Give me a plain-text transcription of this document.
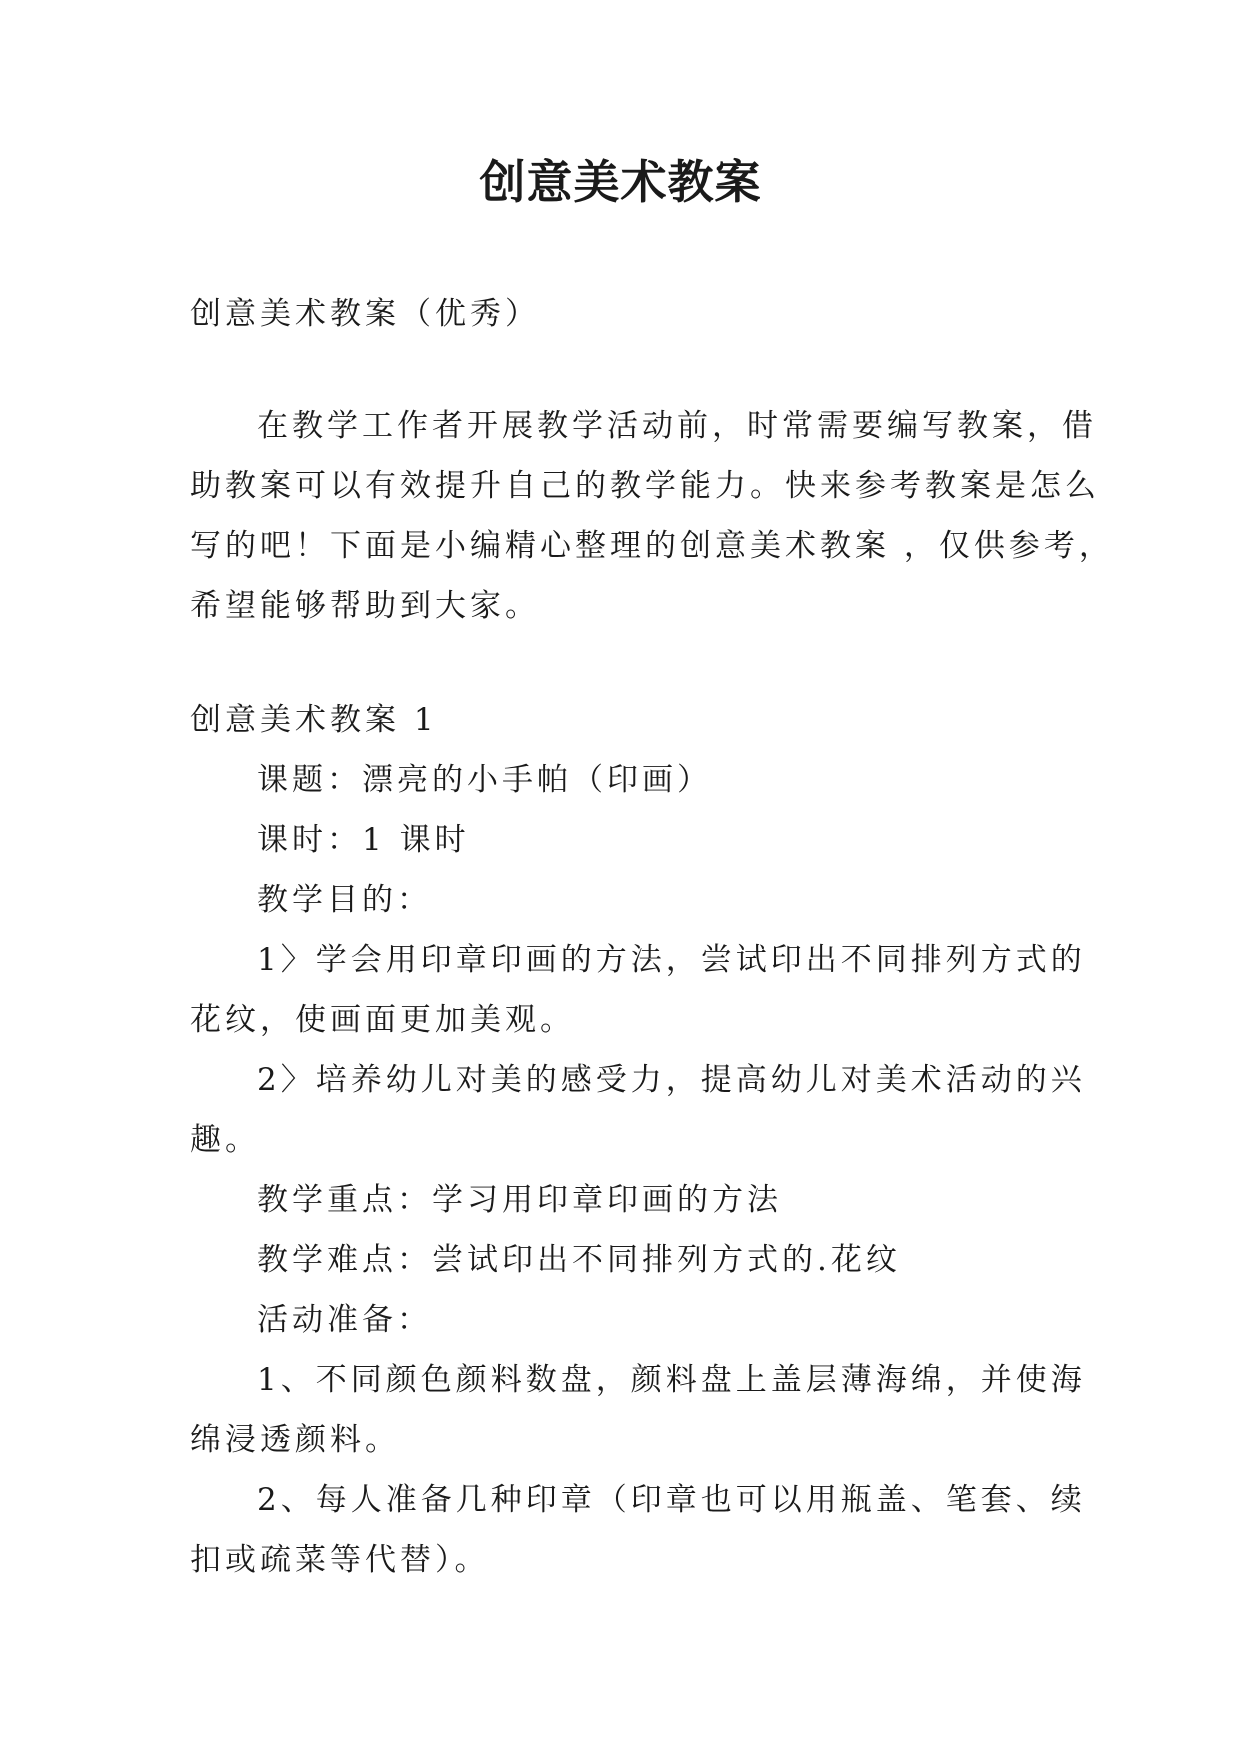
创意美术教案
创意美术教案（优秀）
在教学工作者开展教学活动前，时常需要编写教案，借
助教案可以有效提升自己的教学能力。快来参考教案是怎么
写的吧！下面是小编精心整理的创意美术教案 ，仅供参考，
希望能够帮助到大家。
创意美术教案 1
课题：漂亮的小手帕（印画）
课时：1 课时
教学目的：
1〉学会用印章印画的方法，尝试印出不同排列方式的
花纹，使画面更加美观。
2〉培养幼儿对美的感受力，提高幼儿对美术活动的兴
趣。
教学重点：学习用印章印画的方法
教学难点：尝试印出不同排列方式的.花纹
活动准备：
1、不同颜色颜料数盘，颜料盘上盖层薄海绵，并使海
绵浸透颜料。
2、每人准备几种印章（印章也可以用瓶盖、笔套、续
扣或疏菜等代替）。
